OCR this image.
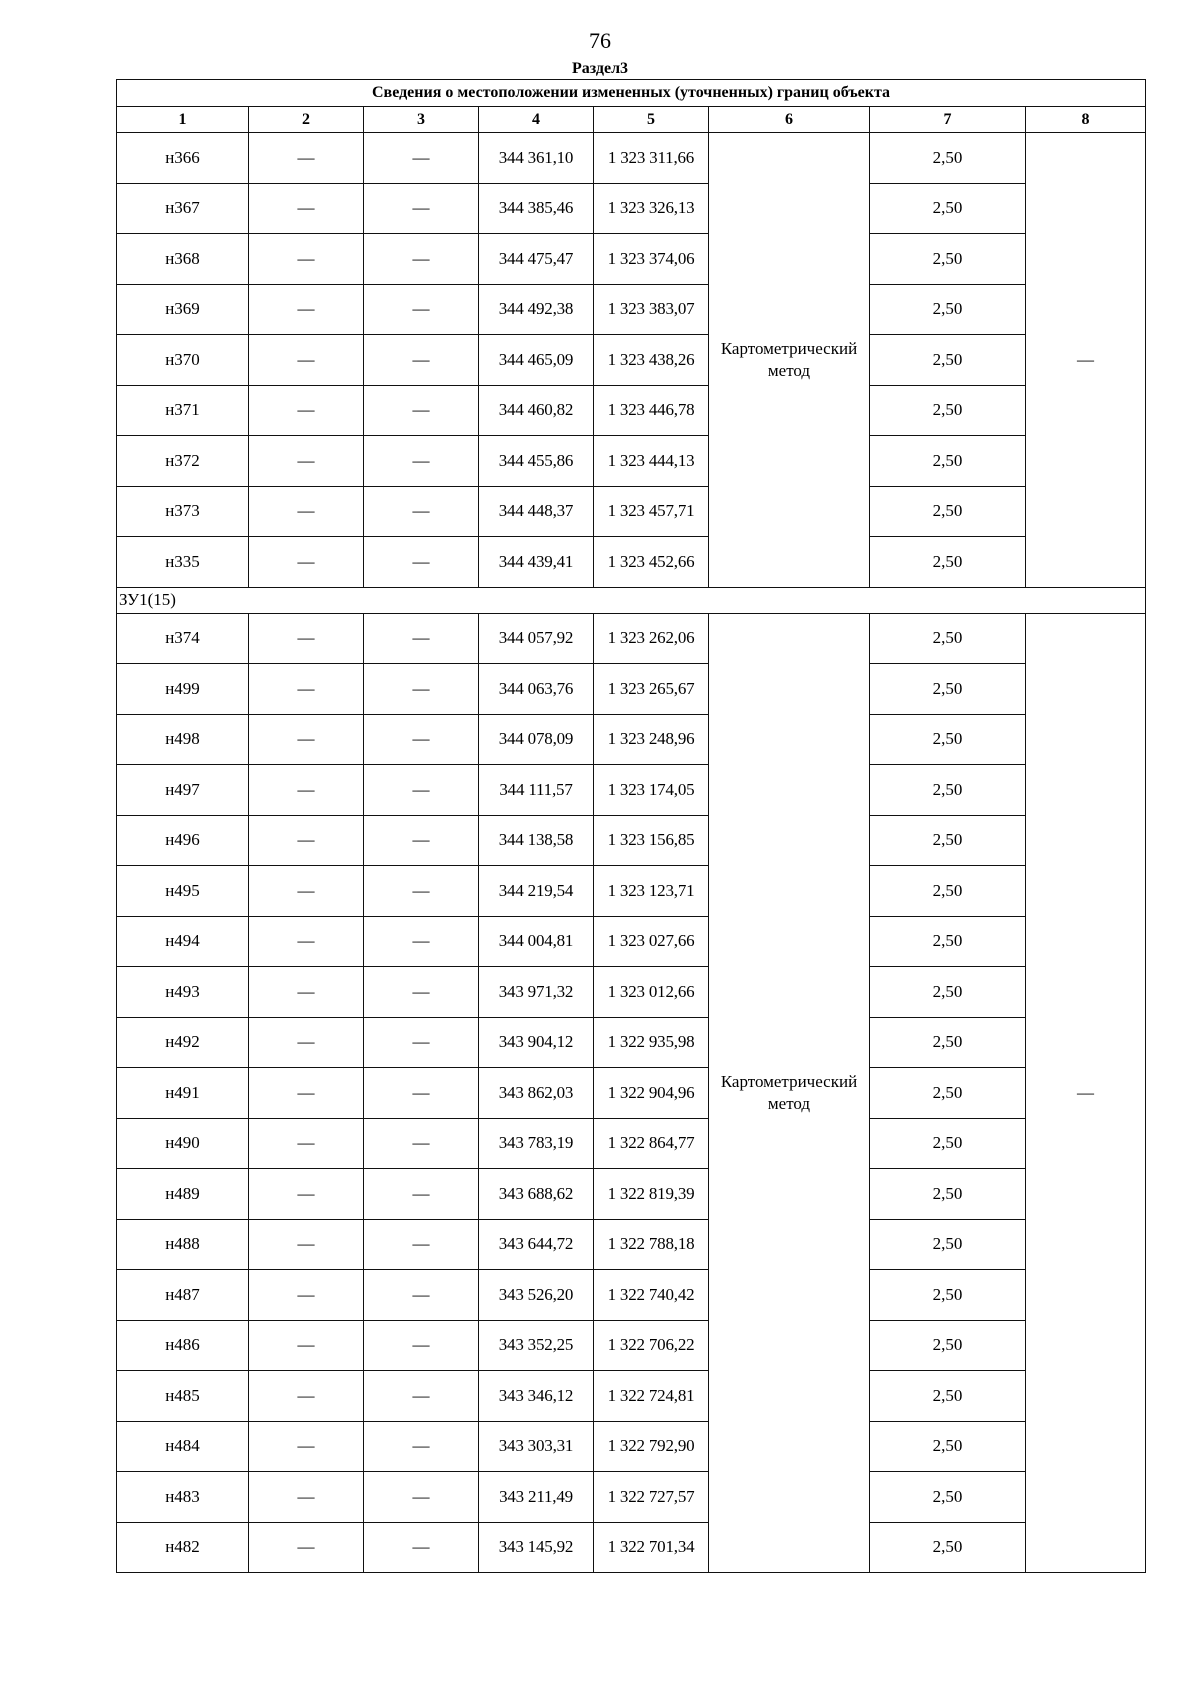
76
Раздел3
Сведения о местоположении измененных (уточненных) границ объекта							
1	2	3	4	5	6	7	8
н366	—	—	344 361,10	1 323 311,66	Картометрический метод	2,50	—
н367	—	—	344 385,46	1 323 326,13		2,50	
н368	—	—	344 475,47	1 323 374,06		2,50	
н369	—	—	344 492,38	1 323 383,07		2,50	
н370	—	—	344 465,09	1 323 438,26		2,50	
н371	—	—	344 460,82	1 323 446,78		2,50	
н372	—	—	344 455,86	1 323 444,13		2,50	
н373	—	—	344 448,37	1 323 457,71		2,50	
н335	—	—	344 439,41	1 323 452,66		2,50	
ЗУ1(15)							
н374	—	—	344 057,92	1 323 262,06	Картометрический метод	2,50	—
н499	—	—	344 063,76	1 323 265,67		2,50	
н498	—	—	344 078,09	1 323 248,96		2,50	
н497	—	—	344 111,57	1 323 174,05		2,50	
н496	—	—	344 138,58	1 323 156,85		2,50	
н495	—	—	344 219,54	1 323 123,71		2,50	
н494	—	—	344 004,81	1 323 027,66		2,50	
н493	—	—	343 971,32	1 323 012,66		2,50	
н492	—	—	343 904,12	1 322 935,98		2,50	
н491	—	—	343 862,03	1 322 904,96		2,50	
н490	—	—	343 783,19	1 322 864,77		2,50	
н489	—	—	343 688,62	1 322 819,39		2,50	
н488	—	—	343 644,72	1 322 788,18		2,50	
н487	—	—	343 526,20	1 322 740,42		2,50	
н486	—	—	343 352,25	1 322 706,22		2,50	
н485	—	—	343 346,12	1 322 724,81		2,50	
н484	—	—	343 303,31	1 322 792,90		2,50	
н483	—	—	343 211,49	1 322 727,57		2,50	
н482	—	—	343 145,92	1 322 701,34		2,50	
